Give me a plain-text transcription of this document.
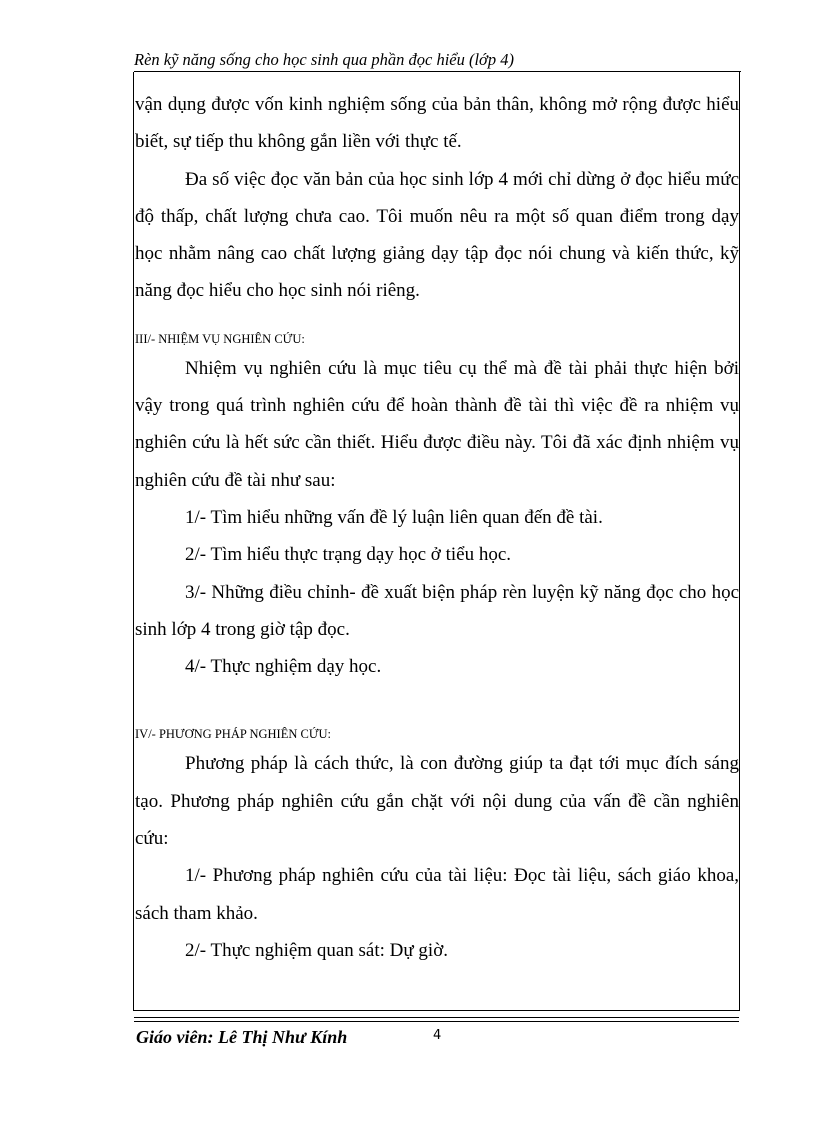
Rèn kỹ năng sống cho học sinh qua phần đọc hiểu (lớp 4)

vận dụng được vốn kinh nghiệm sống của bản thân, không mở rộng được hiểu biết, sự tiếp thu không gắn liền với thực tế.

Đa số việc đọc văn bản của học sinh lớp 4 mới chỉ dừng ở đọc hiểu mức độ thấp, chất lượng chưa cao. Tôi muốn nêu ra một số quan điểm trong dạy học nhằm nâng cao chất lượng giảng dạy tập đọc nói chung và kiến thức, kỹ năng đọc hiểu cho học sinh nói riêng.

III/- NHIỆM VỤ NGHIÊN CỨU:

Nhiệm vụ nghiên cứu là mục tiêu cụ thể mà đề tài phải thực hiện bởi vậy trong quá trình nghiên cứu để hoàn thành đề tài thì việc đề ra nhiệm vụ nghiên cứu là hết sức cần thiết. Hiểu được điều này. Tôi đã xác định nhiệm vụ nghiên cứu đề tài như sau:

1/- Tìm hiểu những vấn đề lý luận liên quan đến đề tài.

2/- Tìm hiểu thực trạng dạy học ở tiểu học.

3/- Những điều chỉnh- đề xuất biện pháp rèn luyện kỹ năng đọc cho học sinh lớp 4 trong giờ tập đọc.

4/- Thực nghiệm dạy học.

IV/- PHƯƠNG PHÁP NGHIÊN CỨU:

Phương pháp là cách thức, là con đường giúp ta đạt tới mục đích sáng tạo. Phương pháp nghiên cứu gắn chặt với nội dung của vấn đề cần nghiên cứu:

1/- Phương pháp nghiên cứu của tài liệu: Đọc tài liệu, sách giáo khoa, sách tham khảo.

2/- Thực nghiệm quan sát: Dự giờ.

Giáo viên: Lê Thị Như Kính	4
